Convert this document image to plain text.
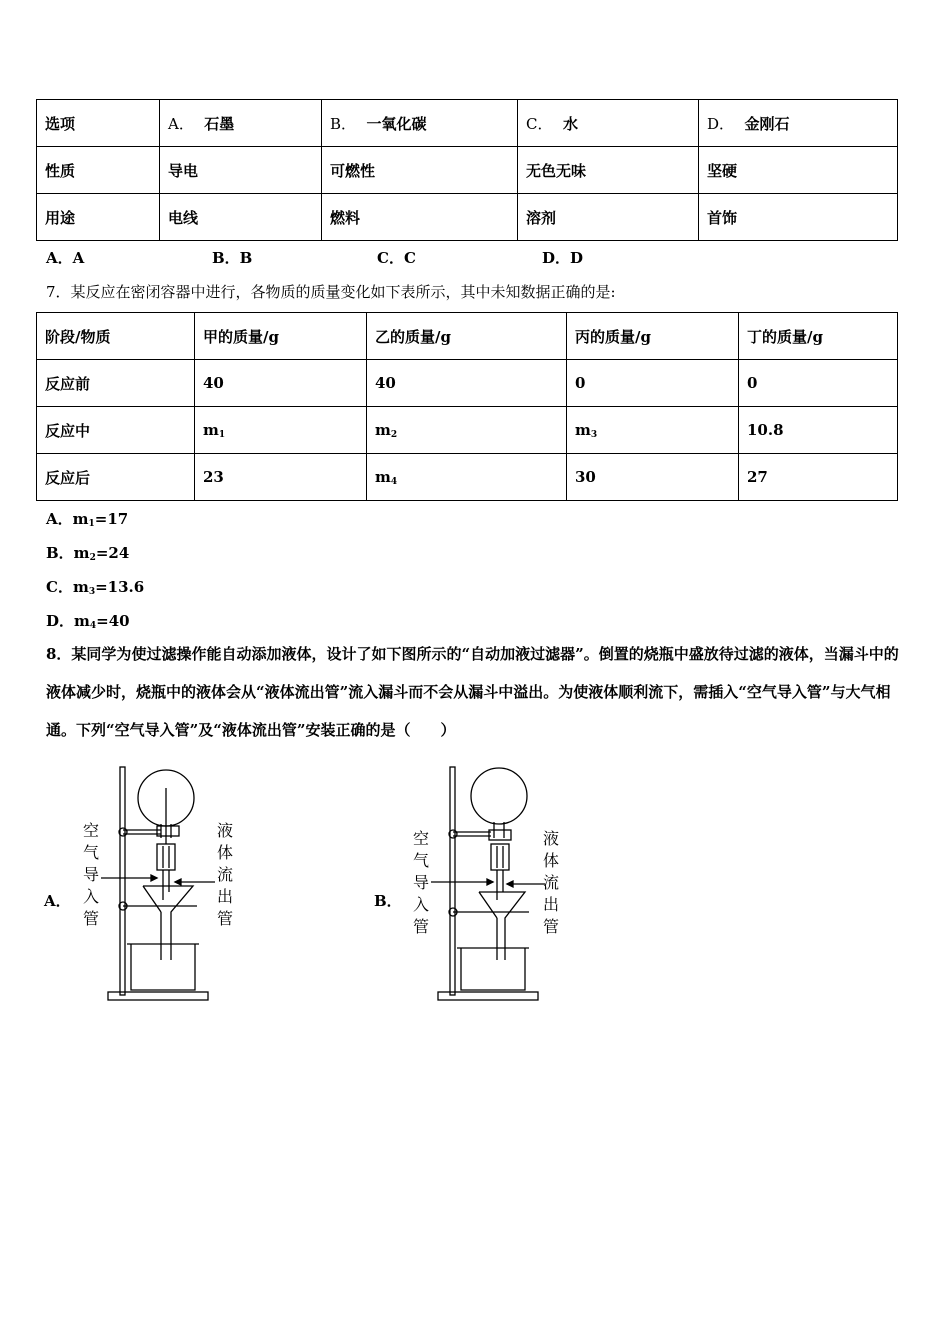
选项	A． 石墨	B． 一氧化碳	C． 水	D． 金刚石
性质	导电	可燃性	无色无味	坚硬
用途	电线	燃料	溶剂	首饰
A．A	B．B	C．C	D．D
7．某反应在密闭容器中进行，各物质的质量变化如下表所示，其中未知数据正确的是:
阶段/物质	甲的质量/g	乙的质量/g	丙的质量/g	丁的质量/g
反应前	40	40	0	0
反应中	$m_1$	$m_2$	$m_3$	10.8
反应后	23	$m_4$	30	27
A．$m_1=17$
B．$m_2=24$
C．$m_3=13.6$
D．$m_4=40$
8．某同学为使过滤操作能自动添加液体，设计了如下图所示的“自动加液过滤器”。倒置的烧瓶中盛放待过滤的液体，当漏斗中的液体减少时，烧瓶中的液体会从“液体流出管”流入漏斗而不会从漏斗中溢出。为使液体顺利流下，需插入“空气导入管”与大气相通。下列“空气导入管”及“液体流出管”安装正确的是（　　）
A．
空气导入管
液体流出管
B．
空气导入管
液体流出管
